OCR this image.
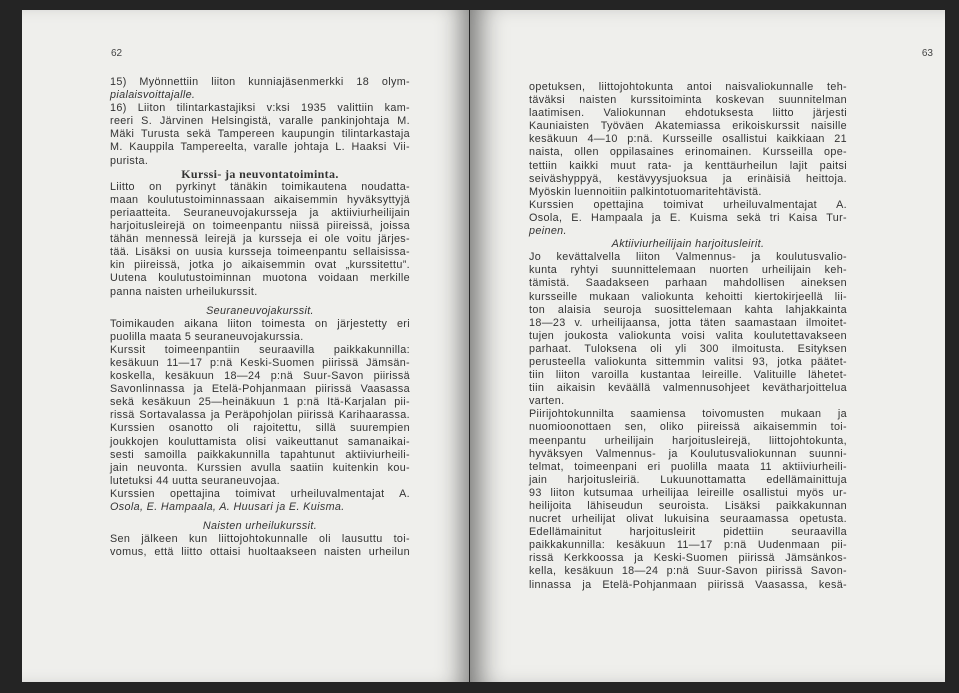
62
15) Myönnettiin liiton kunniajäsenmerkki 18 olym-
pialaisvoittajalle.
16) Liiton tilintarkastajiksi v:ksi 1935 valittiin kam-
reeri S. Järvinen Helsingistä, varalle pankinjohtaja M.
Mäki Turusta sekä Tampereen kaupungin tilintarkastaja
M. Kauppila Tampereelta, varalle johtaja L. Haaksi Vii-
purista.
Kurssi- ja neuvontatoiminta.
Liitto on pyrkinyt tänäkin toimikautena noudatta-
maan koulutustoiminnassaan aikaisemmin hyväksyttyjä
periaatteita. Seuraneuvojakursseja ja aktiiviurheilijain
harjoitusleirejä on toimeenpantu niissä piireissä, joissa
tähän mennessä leirejä ja kursseja ei ole voitu järjes-
tää. Lisäksi on uusia kursseja toimeenpantu sellaisissa-
kin piireissä, jotka jo aikaisemmin ovat „kurssitettu”.
Uutena koulutustoiminnan muotona voidaan merkille
panna naisten urheilukurssit.
Seuraneuvojakurssit.
Toimikauden aikana liiton toimesta on järjestetty eri
puolilla maata 5 seuraneuvojakurssia.
Kurssit toimeenpantiin seuraavilla paikkakunnilla:
kesäkuun 11—17 p:nä Keski-Suomen piirissä Jämsän-
koskella, kesäkuun 18—24 p:nä Suur-Savon piirissä
Savonlinnassa ja Etelä-Pohjanmaan piirissä Vaasassa
sekä kesäkuun 25—heinäkuun 1 p:nä Itä-Karjalan pii-
rissä Sortavalassa ja Peräpohjolan piirissä Karihaarassa.
Kurssien osanotto oli rajoitettu, sillä suurempien
joukkojen kouluttamista olisi vaikeuttanut samanaikai-
sesti samoilla paikkakunnilla tapahtunut aktiiviurheili-
jain neuvonta. Kurssien avulla saatiin kuitenkin kou-
lutetuksi 44 uutta seuraneuvojaa.
Kurssien opettajina toimivat urheiluvalmentajat A.
Osola, E. Hampaala, A. Huusari ja E. Kuisma.
Naisten urheilukurssit.
Sen jälkeen kun liittojohtokunnalle oli lausuttu toi-
vomus, että liitto ottaisi huoltaakseen naisten urheilun
63
opetuksen, liittojohtokunta antoi naisvaliokunnalle teh-
täväksi naisten kurssitoiminta koskevan suunnitelman
laatimisen. Valiokunnan ehdotuksesta liitto järjesti
Kauniaisten Työväen Akatemiassa erikoiskurssit naisille
kesäkuun 4—10 p:nä. Kursseille osallistui kaikkiaan 21
naista, ollen oppilasaines erinomainen. Kursseilla ope-
tettiin kaikki muut rata- ja kenttäurheilun lajit paitsi
seiväshyppyä, kestävyysjuoksua ja erinäisiä heittoja.
Myöskin luennoitiin palkintotuomaritehtävistä.
Kurssien opettajina toimivat urheiluvalmentajat A.
Osola, E. Hampaala ja E. Kuisma sekä tri Kaisa Tur-
peinen.
Aktiiviurheilijain harjoitusleirit.
Jo kevättalvella liiton Valmennus- ja koulutusvalio-
kunta ryhtyi suunnittelemaan nuorten urheilijain keh-
tämistä. Saadakseen parhaan mahdollisen aineksen
kursseille mukaan valiokunta kehoitti kiertokirjeellä lii-
ton alaisia seuroja suosittelemaan kahta lahjakkainta
18—23 v. urheilijaansa, jotta täten saamastaan ilmoitet-
tujen joukosta valiokunta voisi valita koulutettavakseen
parhaat. Tuloksena oli yli 300 ilmoitusta. Esityksen
perusteella valiokunta sittemmin valitsi 93, jotka päätet-
tiin liiton varoilla kustantaa leireille. Valituille lähetet-
tiin aikaisin keväällä valmennusohjeet kevätharjoittelua
varten.
Piirijohtokunnilta saamiensa toivomusten mukaan ja
nuomioonottaen sen, oliko piireissä aikaisemmin toi-
meenpantu urheilijain harjoitusleirejä, liittojohtokunta,
hyväksyen Valmennus- ja Koulutusvaliokunnan suunni-
telmat, toimeenpani eri puolilla maata 11 aktiiviurheili-
jain harjoitusleiriä. Lukuunottamatta edellämainittuja
93 liiton kutsumaa urheilijaa leireille osallistui myös ur-
heilijoita lähiseudun seuroista. Lisäksi paikkakunnan
nucret urheilijat olivat lukuisina seuraamassa opetusta.
Edellämainitut harjoitusleirit pidettiin seuraavilla
paikkakunnilla: kesäkuun 11—17 p:nä Uudenmaan pii-
rissä Kerkkoossa ja Keski-Suomen piirissä Jämsänkos-
kella, kesäkuun 18—24 p:nä Suur-Savon piirissä Savon-
linnassa ja Etelä-Pohjanmaan piirissä Vaasassa, kesä-
